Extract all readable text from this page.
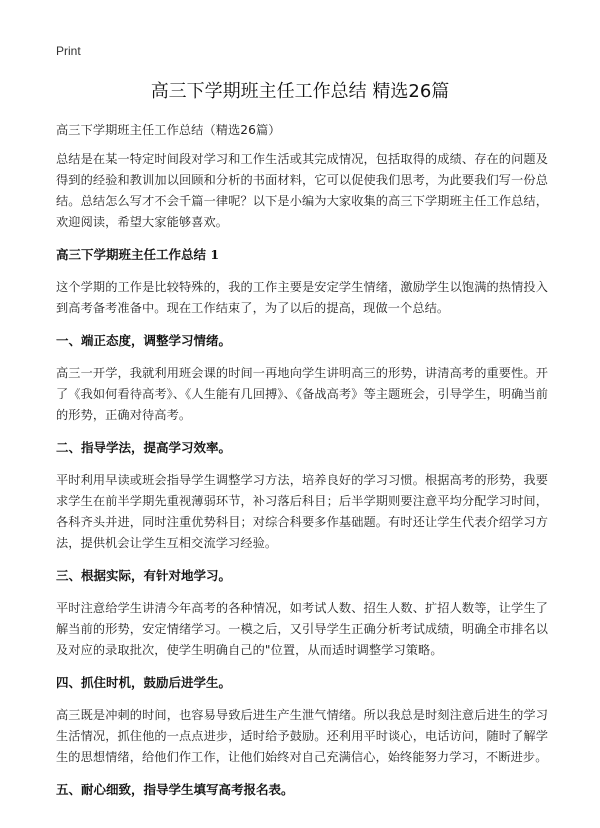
Print
高三下学期班主任工作总结 精选26篇

高三下学期班主任工作总结（精选26篇）

总结是在某一特定时间段对学习和工作生活或其完成情况，包括取得的成绩、存在的问题及得到的经验和教训加以回顾和分析的书面材料，它可以促使我们思考，为此要我们写一份总结。总结怎么写才不会千篇一律呢？以下是小编为大家收集的高三下学期班主任工作总结，欢迎阅读，希望大家能够喜欢。

高三下学期班主任工作总结 1

这个学期的工作是比较特殊的，我的工作主要是安定学生情绪，激励学生以饱满的热情投入到高考备考准备中。现在工作结束了，为了以后的提高，现做一个总结。

一、端正态度，调整学习情绪。

高三一开学，我就利用班会课的时间一再地向学生讲明高三的形势，讲清高考的重要性。开了《我如何看待高考》、《人生能有几回搏》、《备战高考》等主题班会，引导学生，明确当前的形势，正确对待高考。

二、指导学法，提高学习效率。

平时利用早读或班会指导学生调整学习方法，培养良好的学习习惯。根据高考的形势，我要求学生在前半学期先重视薄弱环节，补习落后科目；后半学期则要注意平均分配学习时间，各科齐头并进，同时注重优势科目；对综合科要多作基础题。有时还让学生代表介绍学习方法，提供机会让学生互相交流学习经验。

三、根据实际，有针对地学习。

平时注意给学生讲清今年高考的各种情况，如考试人数、招生人数、扩招人数等，让学生了解当前的形势，安定情绪学习。一模之后，又引导学生正确分析考试成绩，明确全市排名以及对应的录取批次，使学生明确自己的"位置，从而适时调整学习策略。

四、抓住时机，鼓励后进学生。

高三既是冲刺的时间，也容易导致后进生产生泄气情绪。所以我总是时刻注意后进生的学习生活情况，抓住他的一点点进步，适时给予鼓励。还利用平时谈心，电话访问，随时了解学生的思想情绪，给他们作工作，让他们始终对自己充满信心，始终能努力学习，不断进步。

五、耐心细致，指导学生填写高考报名表。
